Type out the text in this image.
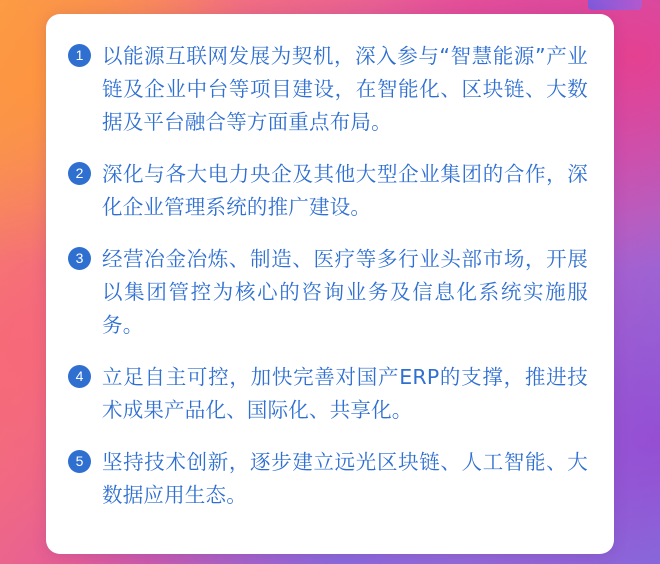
1 以能源互联网发展为契机，深入参与“智慧能源”产业链及企业中台等项目建设，在智能化、区块链、大数据及平台融合等方面重点布局。
2 深化与各大电力央企及其他大型企业集团的合作，深化企业管理系统的推广建设。
3 经营冶金冶炼、制造、医疗等多行业头部市场，开展以集团管控为核心的咨询业务及信息化系统实施服务。
4 立足自主可控，加快完善对国产ERP的支撑，推进技术成果产品化、国际化、共享化。
5 坚持技术创新，逐步建立远光区块链、人工智能、大数据应用生态。
